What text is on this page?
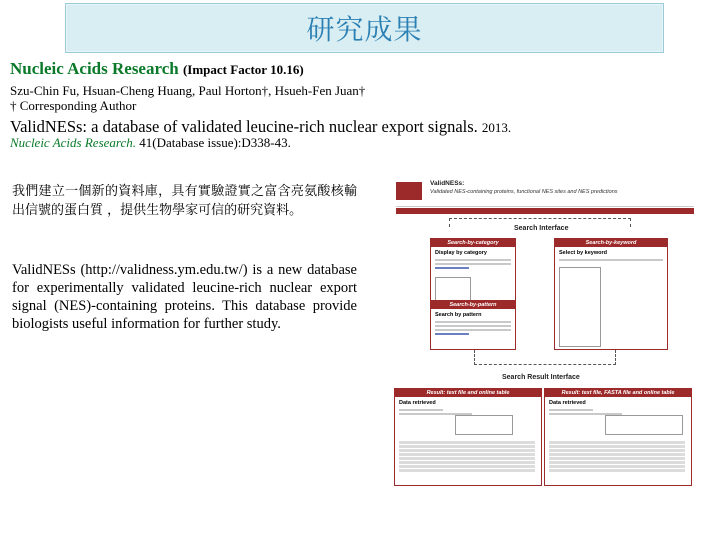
研究成果
Nucleic Acids Research (Impact Factor 10.16)
Szu-Chin Fu, Hsuan-Cheng Huang, Paul Horton†, Hsueh-Fen Juan†
† Corresponding Author
ValidNESs: a database of validated leucine-rich nuclear export signals. 2013.
Nucleic Acids Research. 41(Database issue):D338-43.
我們建立一個新的資料庫，具有實驗證實之富含亮氨酸核輸出信號的蛋白質 ，提供生物學家可信的研究資料。
ValidNESs (http://validness.ym.edu.tw/) is a new database for experimentally validated leucine-rich nuclear export signal (NES)-containing proteins. This database provide biologists useful information for further study.
ValidNESs:
Validated NES-containing proteins, functional NES sites and NES predictions
Search Interface
Search-by-category
Display by category
Search-by-pattern
Search by pattern
Search-by-keyword
Select by keyword
Search Result Interface
Result: text file and online table
Data retrieved
Result: text file, FASTA file and online table
Data retrieved
